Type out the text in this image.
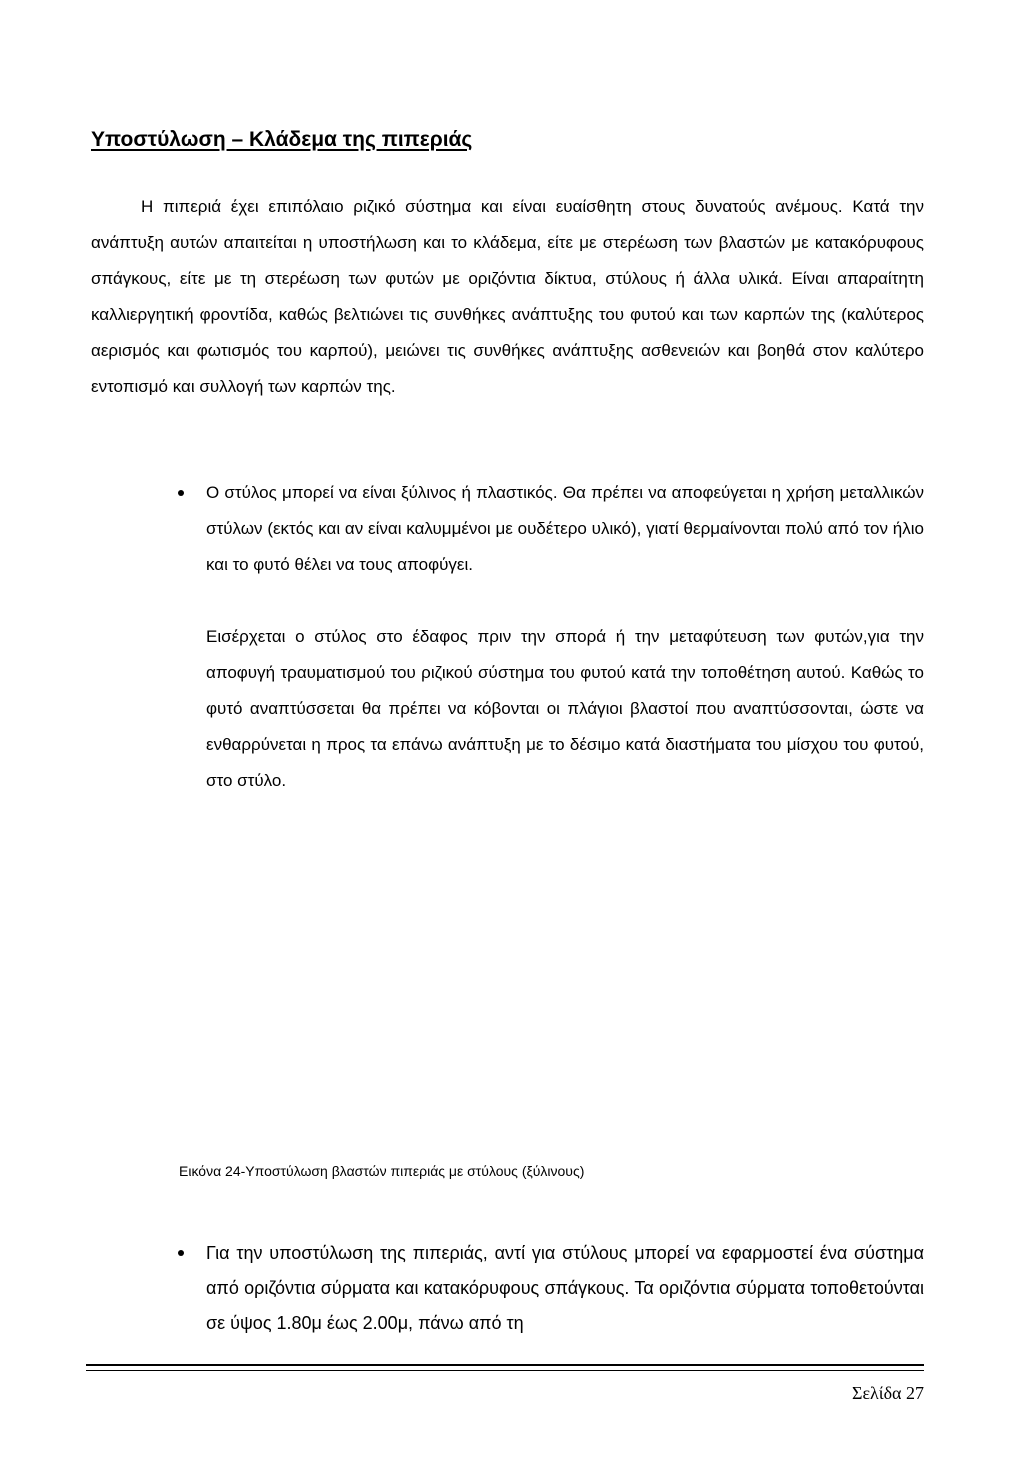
Υποστύλωση – Κλάδεμα της πιπεριάς

Η πιπεριά έχει επιπόλαιο ριζικό σύστημα και είναι ευαίσθητη στους δυνατούς ανέμους. Κατά την ανάπτυξη αυτών απαιτείται η υποστήλωση και το κλάδεμα, είτε με στερέωση των βλαστών με κατακόρυφους σπάγκους, είτε με τη στερέωση των φυτών με οριζόντια δίκτυα, στύλους ή άλλα υλικά. Είναι απαραίτητη καλλιεργητική φροντίδα, καθώς βελτιώνει τις συνθήκες ανάπτυξης του φυτού και των καρπών της (καλύτερος αερισμός και φωτισμός του καρπού), μειώνει τις συνθήκες ανάπτυξης ασθενειών και βοηθά στον καλύτερο εντοπισμό και συλλογή των καρπών της.

Ο στύλος μπορεί να είναι ξύλινος ή πλαστικός. Θα πρέπει να αποφεύγεται η χρήση μεταλλικών στύλων (εκτός και αν είναι καλυμμένοι με ουδέτερο υλικό), γιατί θερμαίνονται πολύ από τον ήλιο και το φυτό θέλει να τους αποφύγει.

Εισέρχεται ο στύλος στο έδαφος πριν την σπορά ή την μεταφύτευση των φυτών,για την αποφυγή τραυματισμού του ριζικού σύστημα του φυτού κατά την τοποθέτηση αυτού. Καθώς το φυτό αναπτύσσεται θα πρέπει να κόβονται οι πλάγιοι βλαστοί που αναπτύσσονται, ώστε να ενθαρρύνεται η προς τα επάνω ανάπτυξη με το δέσιμο κατά διαστήματα του μίσχου του φυτού, στο στύλο.

Εικόνα 24-Υποστύλωση βλαστών πιπεριάς με στύλους (ξύλινους)

Για την υποστύλωση της πιπεριάς, αντί για στύλους μπορεί να εφαρμοστεί ένα σύστημα από οριζόντια σύρματα και κατακόρυφους σπάγκους. Τα οριζόντια σύρματα τοποθετούνται σε ύψος 1.80μ έως 2.00μ, πάνω από τη

Σελίδα 27
